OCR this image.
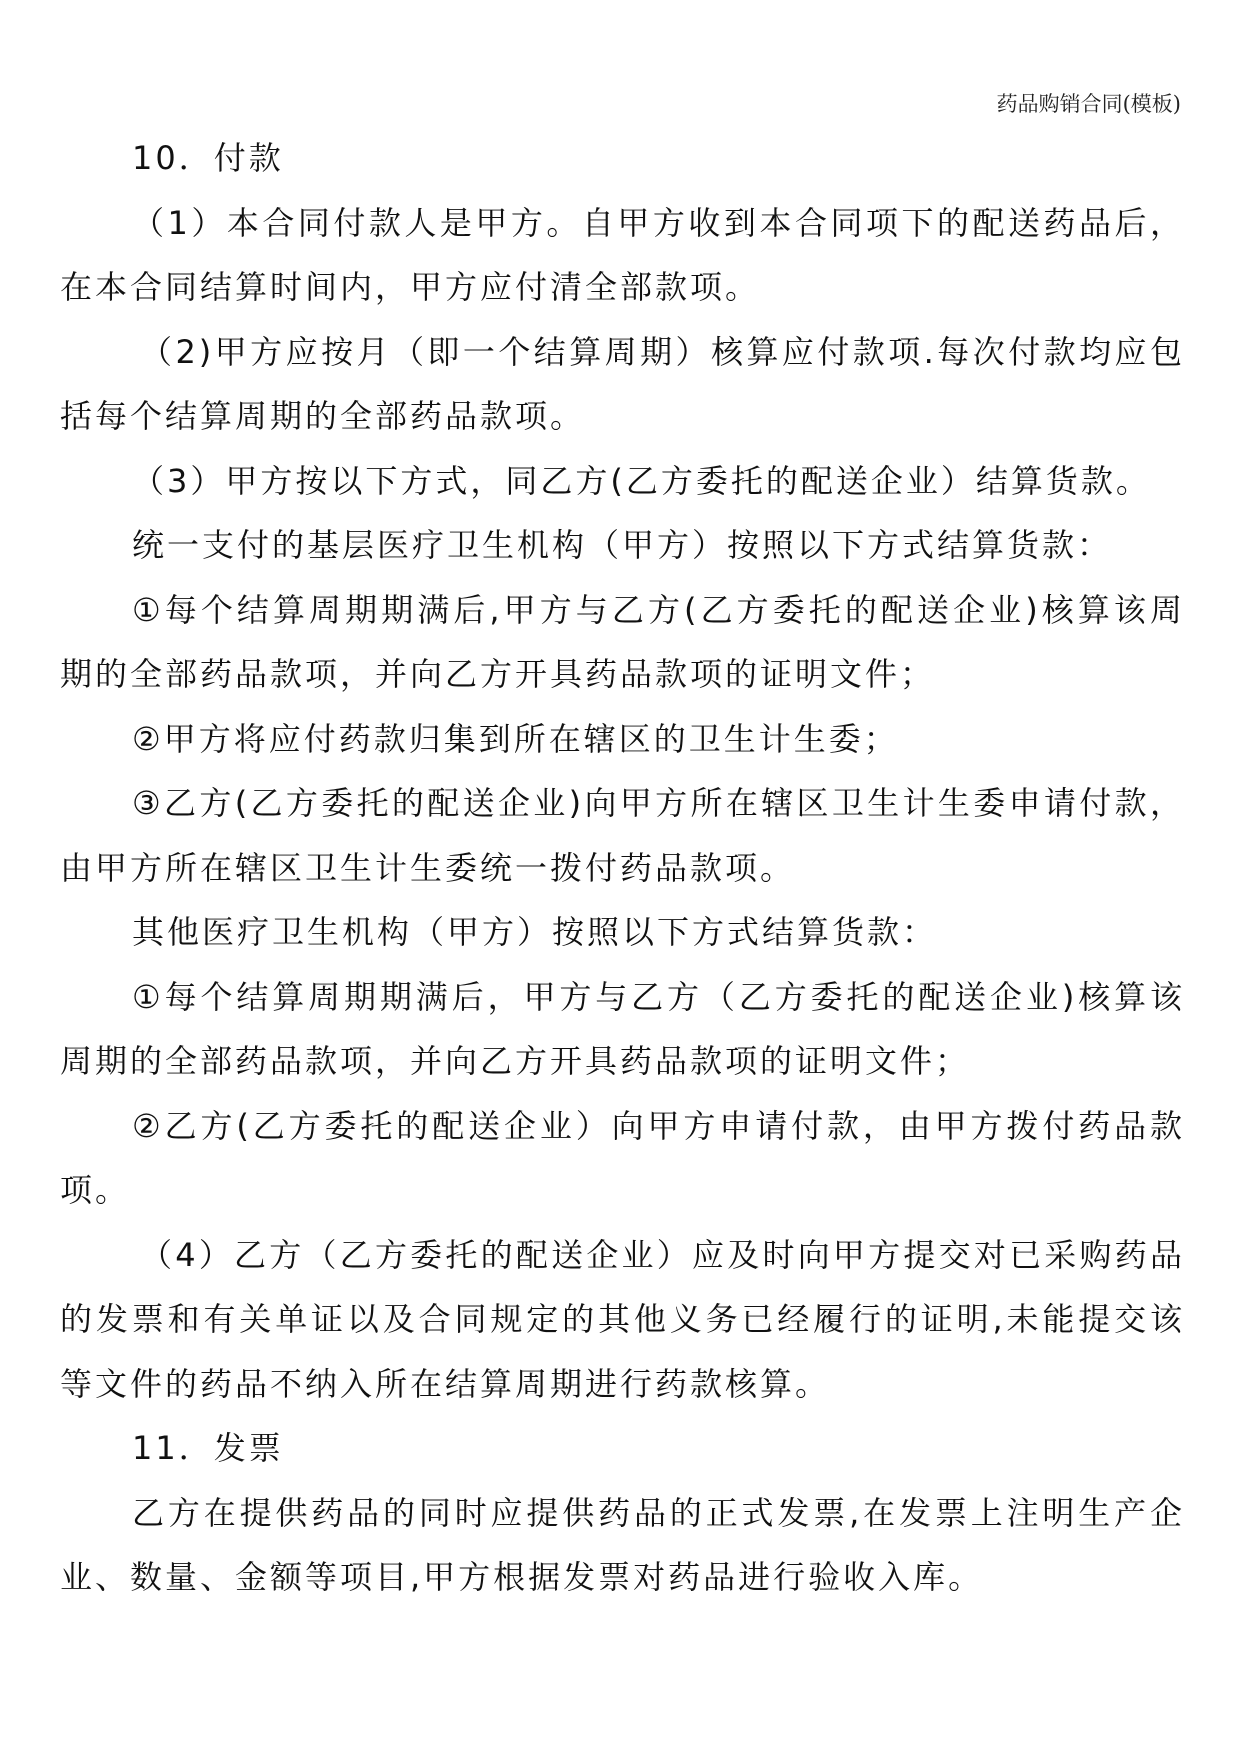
药品购销合同(模板)

10．付款

（1）本合同付款人是甲方。自甲方收到本合同项下的配送药品后，在本合同结算时间内，甲方应付清全部款项。

（2)甲方应按月（即一个结算周期）核算应付款项.每次付款均应包括每个结算周期的全部药品款项。

（3）甲方按以下方式，同乙方(乙方委托的配送企业）结算货款。

统一支付的基层医疗卫生机构（甲方）按照以下方式结算货款：

①每个结算周期期满后,甲方与乙方(乙方委托的配送企业)核算该周期的全部药品款项，并向乙方开具药品款项的证明文件；

②甲方将应付药款归集到所在辖区的卫生计生委；

③乙方(乙方委托的配送企业)向甲方所在辖区卫生计生委申请付款，由甲方所在辖区卫生计生委统一拨付药品款项。

其他医疗卫生机构（甲方）按照以下方式结算货款：

①每个结算周期期满后，甲方与乙方（乙方委托的配送企业)核算该周期的全部药品款项，并向乙方开具药品款项的证明文件；

②乙方(乙方委托的配送企业）向甲方申请付款，由甲方拨付药品款项。

（4）乙方（乙方委托的配送企业）应及时向甲方提交对已采购药品的发票和有关单证以及合同规定的其他义务已经履行的证明,未能提交该等文件的药品不纳入所在结算周期进行药款核算。

11．发票

乙方在提供药品的同时应提供药品的正式发票,在发票上注明生产企业、数量、金额等项目,甲方根据发票对药品进行验收入库。
